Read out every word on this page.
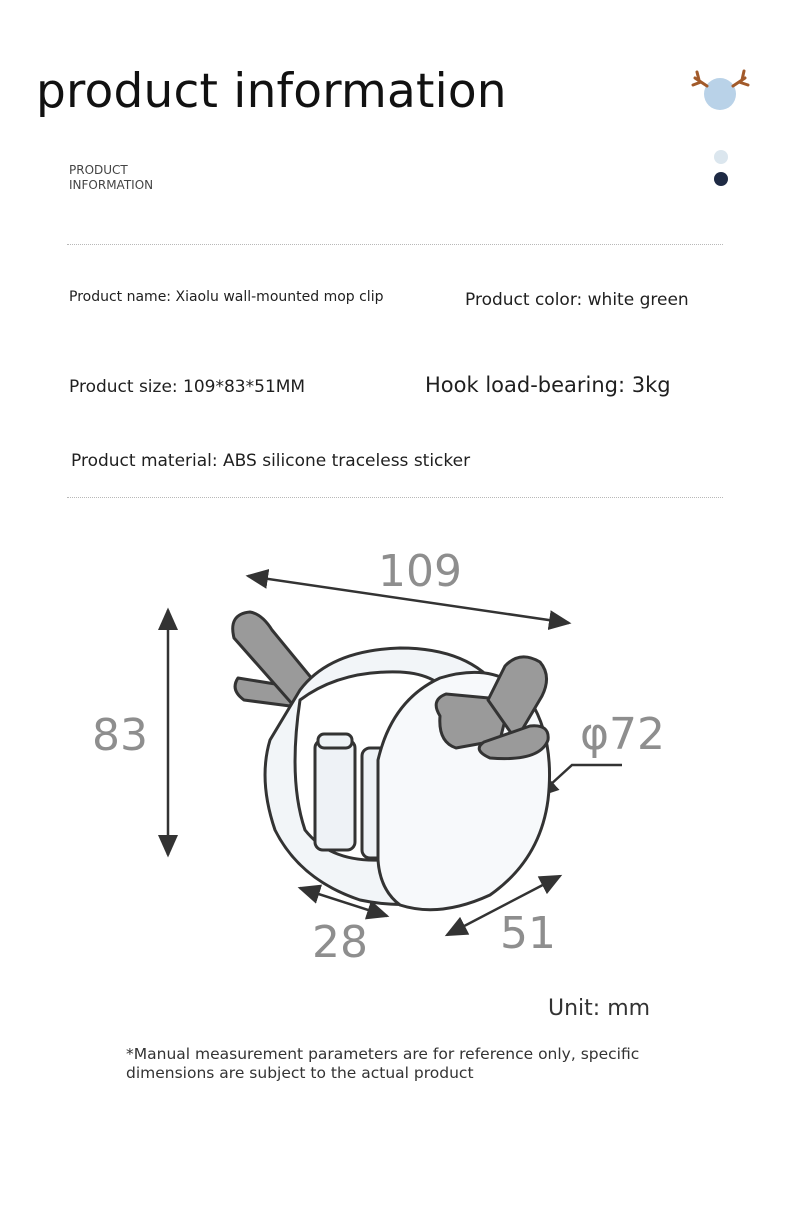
product information
PRODUCT
INFORMATION
Product name: Xiaolu wall-mounted mop clip	Product color: white green
Product size: 109*83*51MM	Hook load-bearing: 3kg
Product material: ABS silicone traceless sticker
109
83	φ72
28	51
Unit: mm
*Manual measurement parameters are for reference only, specific
dimensions are subject to the actual product
